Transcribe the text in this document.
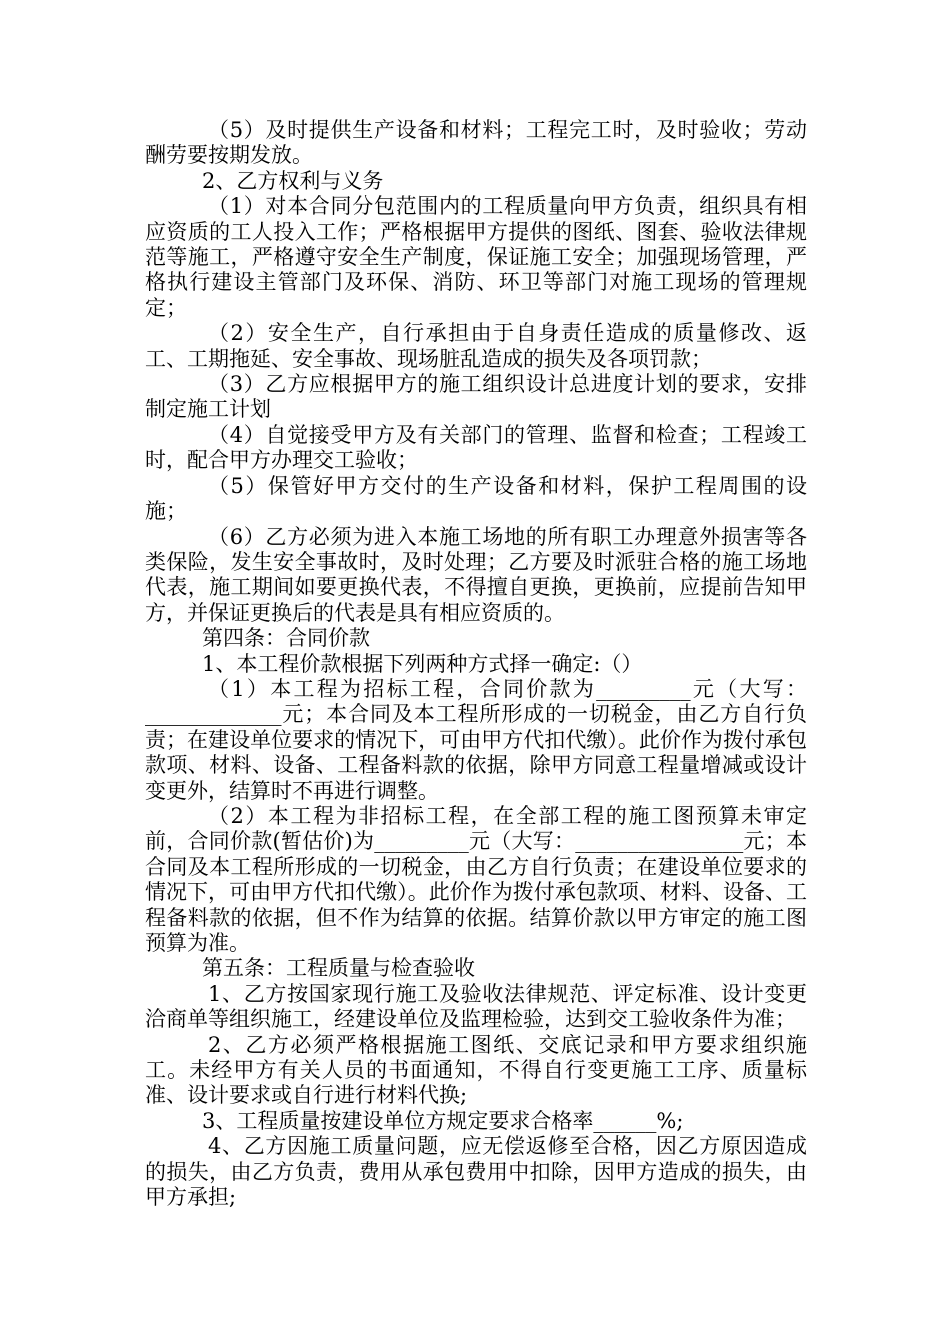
（5）及时提供生产设备和材料；工程完工时，及时验收；劳动酬劳要按期发放。

2、乙方权利与义务

（1）对本合同分包范围内的工程质量向甲方负责，组织具有相应资质的工人投入工作；严格根据甲方提供的图纸、图套、验收法律规范等施工，严格遵守安全生产制度，保证施工安全；加强现场管理，严格执行建设主管部门及环保、消防、环卫等部门对施工现场的管理规定；

（2）安全生产，自行承担由于自身责任造成的质量修改、返工、工期拖延、安全事故、现场脏乱造成的损失及各项罚款；

（3）乙方应根据甲方的施工组织设计总进度计划的要求，安排制定施工计划

（4）自觉接受甲方及有关部门的管理、监督和检查；工程竣工时，配合甲方办理交工验收；

（5）保管好甲方交付的生产设备和材料，保护工程周围的设施；

（6）乙方必须为进入本施工场地的所有职工办理意外损害等各类保险，发生安全事故时，及时处理；乙方要及时派驻合格的施工场地代表，施工期间如要更换代表，不得擅自更换，更换前，应提前告知甲方，并保证更换后的代表是具有相应资质的。

第四条：合同价款

1、本工程价款根据下列两种方式择一确定:（）

（1）本工程为招标工程，合同价款为_________元（大写：_____________元；本合同及本工程所形成的一切税金，由乙方自行负责；在建设单位要求的情况下，可由甲方代扣代缴）。此价作为拨付承包款项、材料、设备、工程备料款的依据，除甲方同意工程量增减或设计变更外，结算时不再进行调整。

（2）本工程为非招标工程，在全部工程的施工图预算未审定前，合同价款(暂估价)为_________元（大写：________________元；本合同及本工程所形成的一切税金，由乙方自行负责；在建设单位要求的情况下，可由甲方代扣代缴）。此价作为拨付承包款项、材料、设备、工程备料款的依据，但不作为结算的依据。结算价款以甲方审定的施工图预算为准。

第五条：工程质量与检查验收

1、乙方按国家现行施工及验收法律规范、评定标准、设计变更洽商单等组织施工，经建设单位及监理检验，达到交工验收条件为准；

2、乙方必须严格根据施工图纸、交底记录和甲方要求组织施工。未经甲方有关人员的书面通知，不得自行变更施工工序、质量标准、设计要求或自行进行材料代换;

3、工程质量按建设单位方规定要求合格率______%;

4、乙方因施工质量问题，应无偿返修至合格，因乙方原因造成的损失，由乙方负责，费用从承包费用中扣除，因甲方造成的损失，由甲方承担;
